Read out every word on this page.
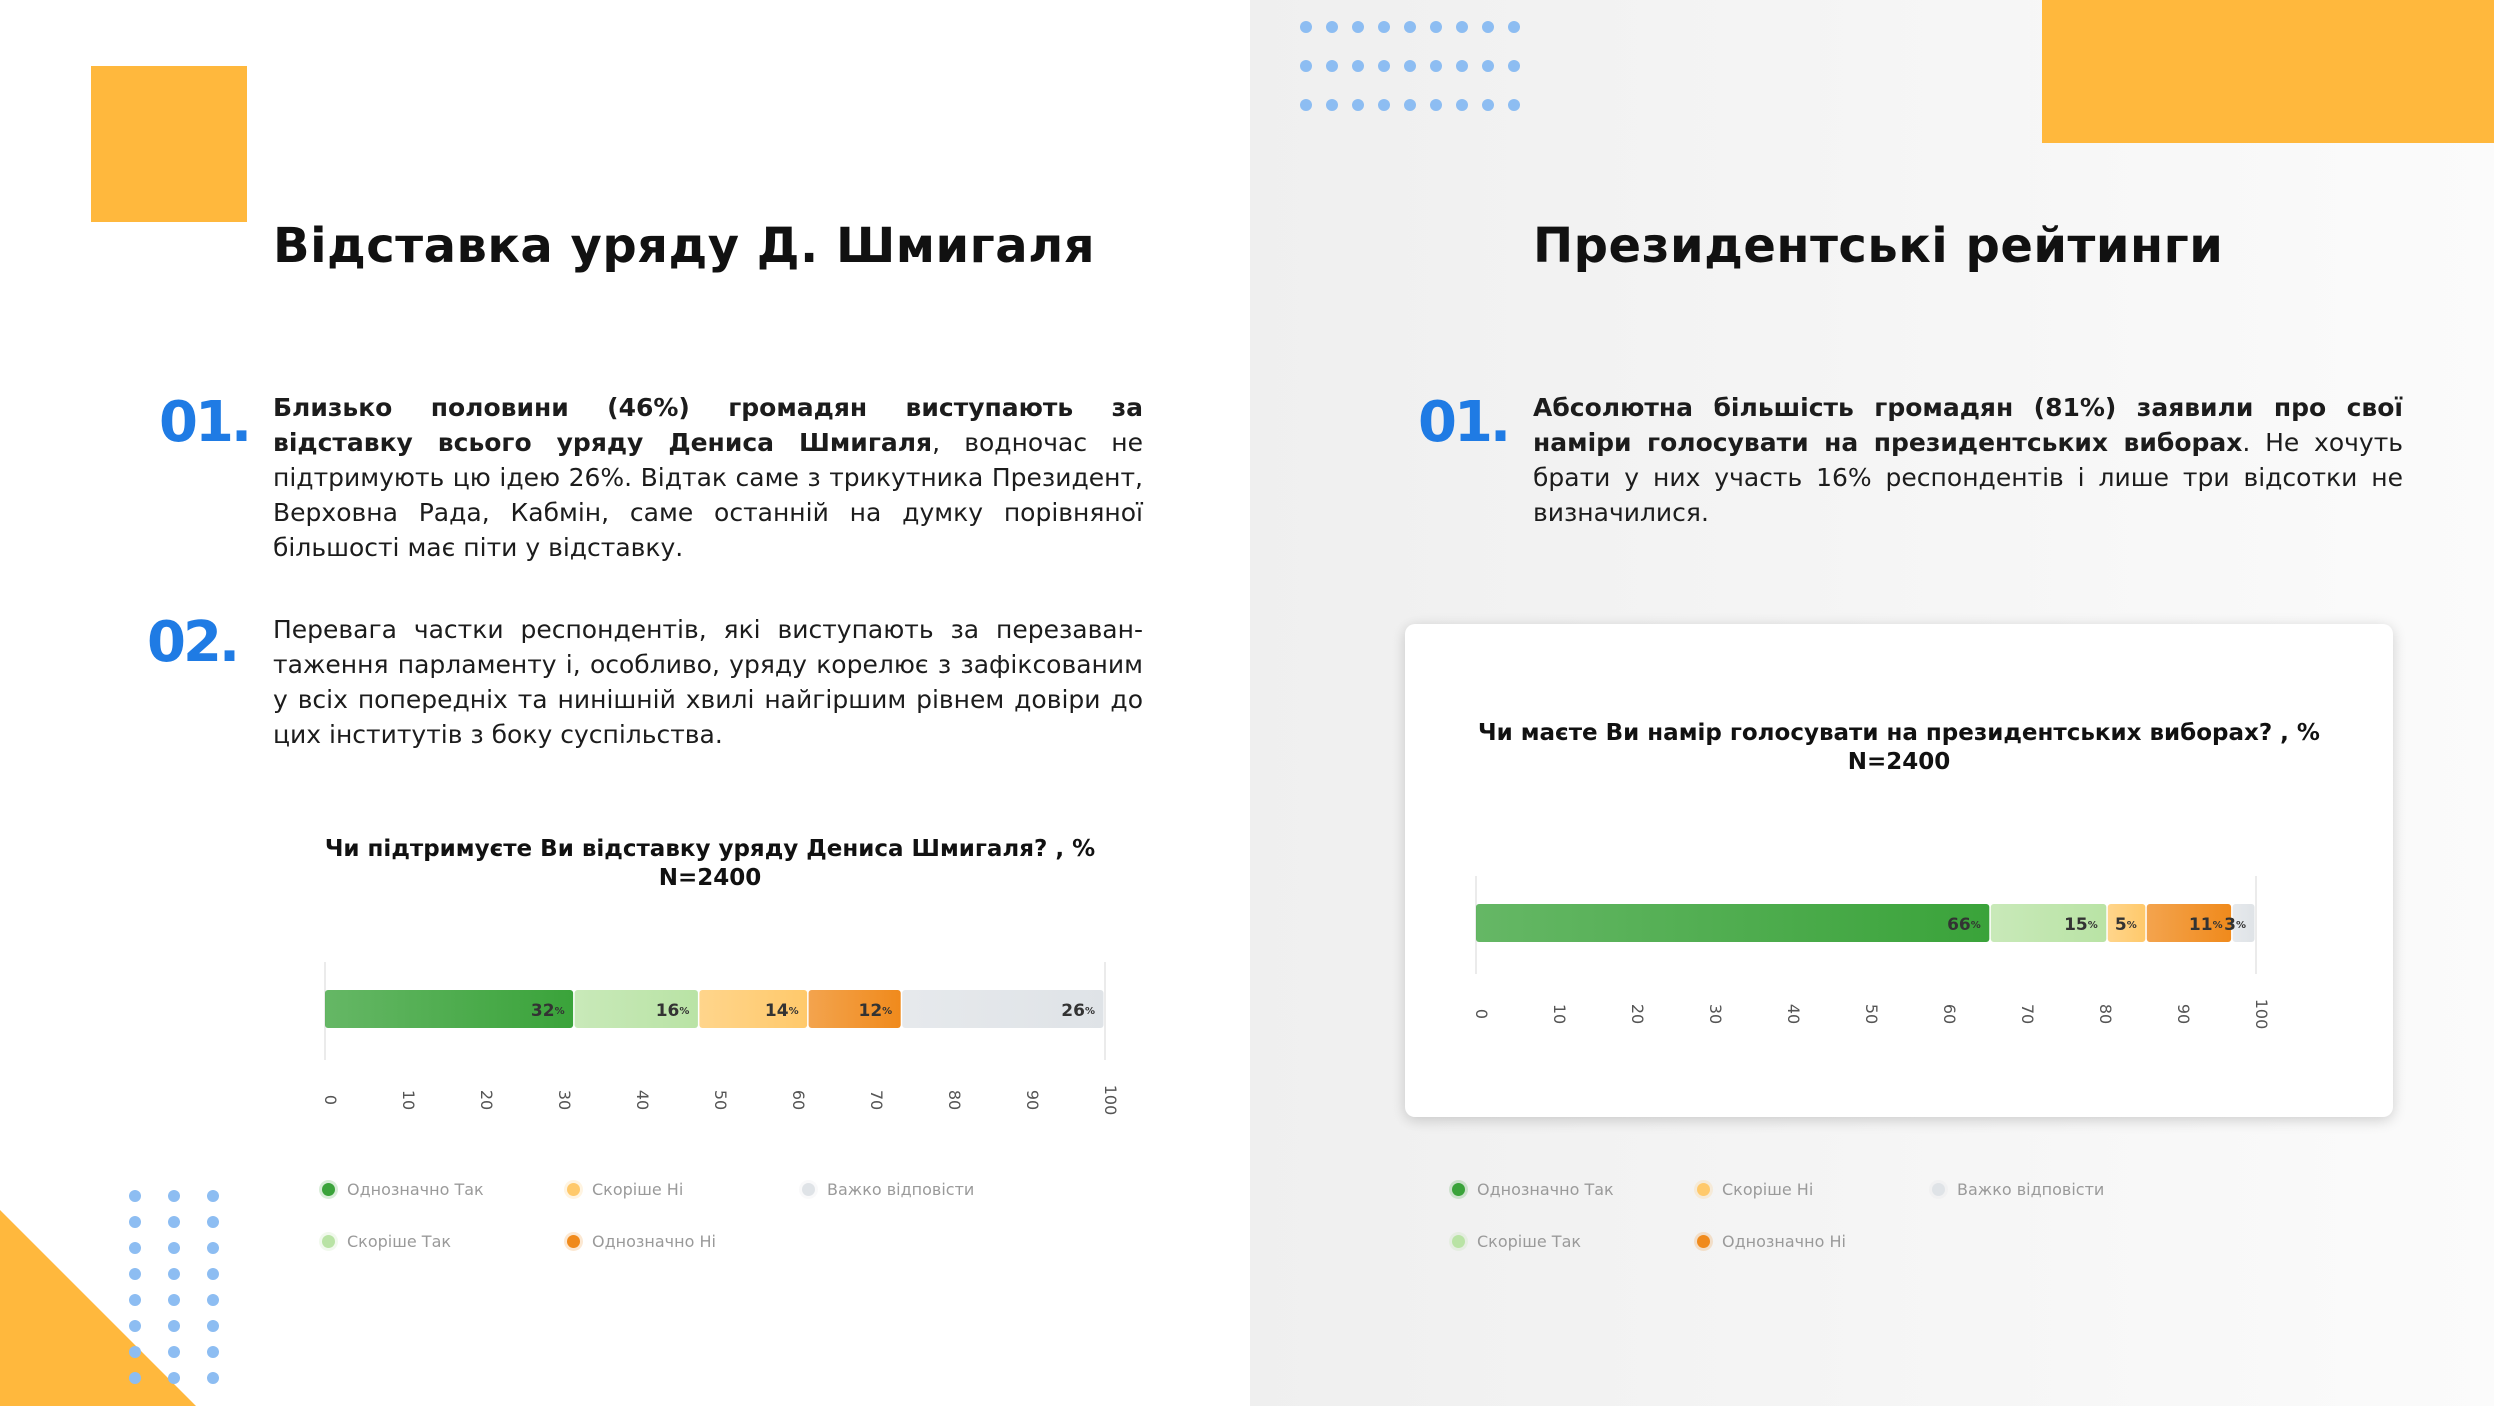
Відставка уряду Д. Шмигаля
01. Близько половини (46%) громадян виступають за відставку всього уряду Дениса Шмигаля, водночас не підтримують цю ідею 26%. Відтак саме з трикутника Президент, Верховна Рада, Кабмін, саме останній на думку порівняної більшості має піти у відставку.
02. Перевага частки респондентів, які виступають за перезаван-таження парламенту і, особливо, уряду корелює з зафіксованим у всіх попередніх та нинішній хвилі найгіршим рівнем довіри до цих інститутів з боку суспільства.
Чи підтримуєте Ви відставку уряду Дениса Шмигаля? , %
N=2400
32%	16%	14%	12%	26%
0	10	20	30	40	50	60	70	80	90	100
Однозначно Так
Скоріше Так
Скоріше Ні
Однозначно Ні
Важко відповісти
Президентські рейтинги
01. Абсолютна більшість громадян (81%) заявили про свої наміри голосувати на президентських виборах. Не хочуть брати у них участь 16% респондентів і лише три відсотки не визначилися.
Чи маєте Ви намір голосувати на президентських виборах? , %
N=2400
66%	15% 5%	11% 3%
0	10	20	30	40	50	60	70	80	90	100
Однозначно Так
Скоріше Так
Скоріше Ні
Однозначно Ні
Важко відповісти
